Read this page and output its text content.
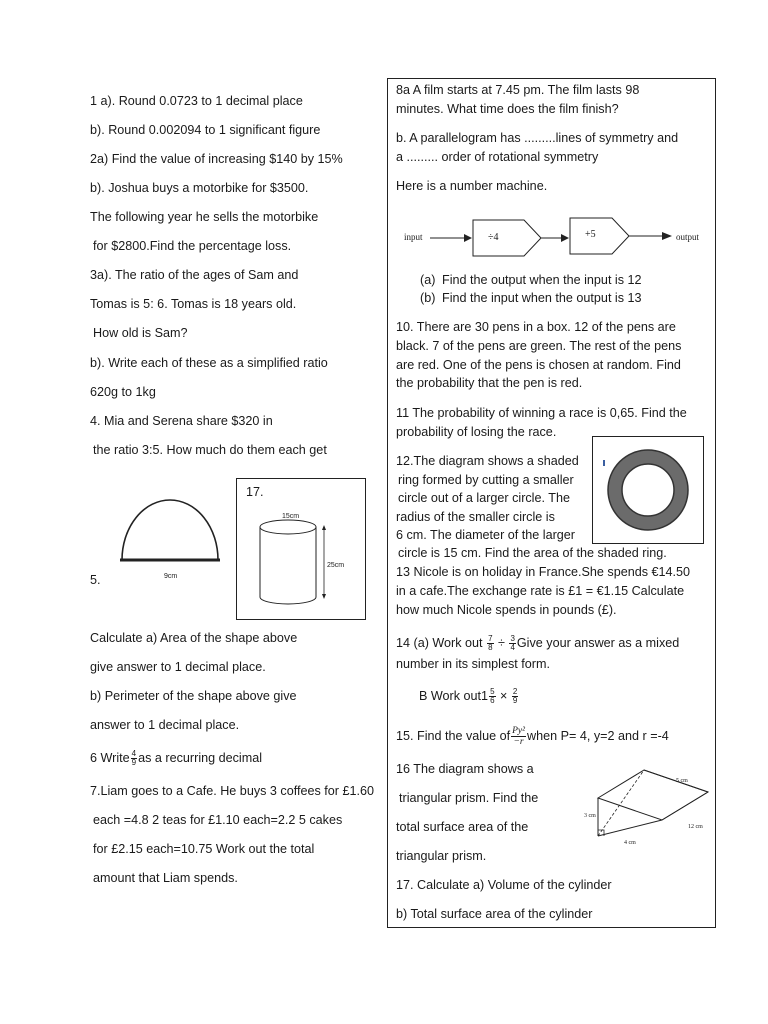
1 a). Round 0.0723 to 1 decimal place
b). Round 0.002094 to 1 significant figure
2a) Find the value of increasing $140 by 15%
b). Joshua buys a motorbike for $3500.
The following year he sells the motorbike
for $2800.Find the percentage loss.
3a). The ratio of the ages of Sam and
Tomas is 5: 6. Tomas is 18 years old.
How old is Sam?
b). Write each of these as a simplified ratio
620g to 1kg
4. Mia and Serena share $320 in
the ratio 3:5. How much do them each get
9cm
5.
17.
15cm
25cm
Calculate a) Area of the shape above
give answer to 1 decimal place.
b) Perimeter of the shape above give
answer to 1 decimal place.
6 Write $\frac{4}{9}$ as a recurring decimal
7.Liam goes to a Cafe. He buys 3 coffees for £1.60
each =4.8 2 teas for £1.10 each=2.2 5 cakes
for £2.15 each=10.75 Work out the total
amount that Liam spends.
8a A film starts at 7.45 pm. The film lasts 98
minutes. What time does the film finish?
b. A parallelogram has .........lines of symmetry and
a ......... order of rotational symmetry
Here is a number machine.
input	÷4	+5	output
(a) Find the output when the input is 12
(b) Find the input when the output is 13
10. There are 30 pens in a box. 12 of the pens are
black. 7 of the pens are green. The rest of the pens
are red. One of the pens is chosen at random. Find
the probability that the pen is red.
11 The probability of winning a race is 0,65. Find the
probability of losing the race.
12.The diagram shows a shaded
ring formed by cutting a smaller
circle out of a larger circle. The
radius of the smaller circle is
6 cm. The diameter of the larger
circle is 15 cm. Find the area of the shaded ring.
13 Nicole is on holiday in France.She spends €14.50
in a cafe.The exchange rate is £1 = €1.15 Calculate
how much Nicole spends in pounds (£).
14 (a) Work out $\frac{7}{8} \div \frac{3}{4}$ Give your answer as a mixed
number in its simplest form.
B Work $out1 \frac{5}{6} \times \frac{2}{9}$
15. Find the value of $\frac{\text{Py²}}{-r}$ when P= 4, y=2 and r =-4
16 The diagram shows a
triangular prism. Find the
total surface area of the
triangular prism.
5 cm
3 cm
4 cm
12 cm
17. Calculate a) Volume of the cylinder
b) Total surface area of the cylinder
